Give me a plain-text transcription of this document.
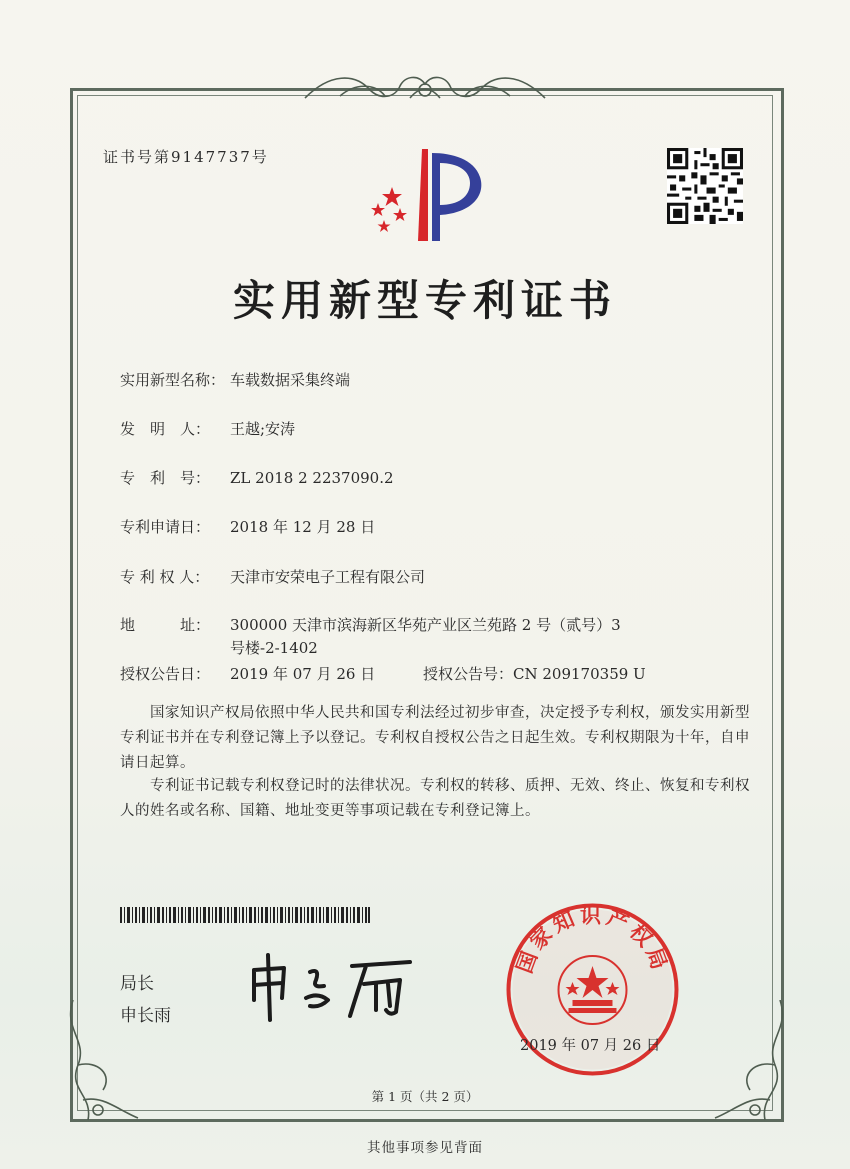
证书号第9147737号
实用新型专利证书
实用新型名称： 车载数据采集终端
发　明　人： 王越;安涛
专　利　号： ZL 2018 2 2237090.2
专利申请日： 2018 年 12 月 28 日
专 利 权 人： 天津市安荣电子工程有限公司
地　　　址： 300000 天津市滨海新区华苑产业区兰苑路 2 号（贰号）3
号楼-2-1402
授权公告日： 2019 年 07 月 26 日	授权公告号：CN 209170359 U
国家知识产权局依照中华人民共和国专利法经过初步审查，决定授予专利权，颁发实用新型专利证书并在专利登记簿上予以登记。专利权自授权公告之日起生效。专利权期限为十年，自申请日起算。
专利证书记载专利权登记时的法律状况。专利权的转移、质押、无效、终止、恢复和专利权人的姓名或名称、国籍、地址变更等事项记载在专利登记簿上。
局长
申长雨
国家知识产权局
2019 年 07 月 26 日
第 1 页（共 2 页）
其他事项参见背面
